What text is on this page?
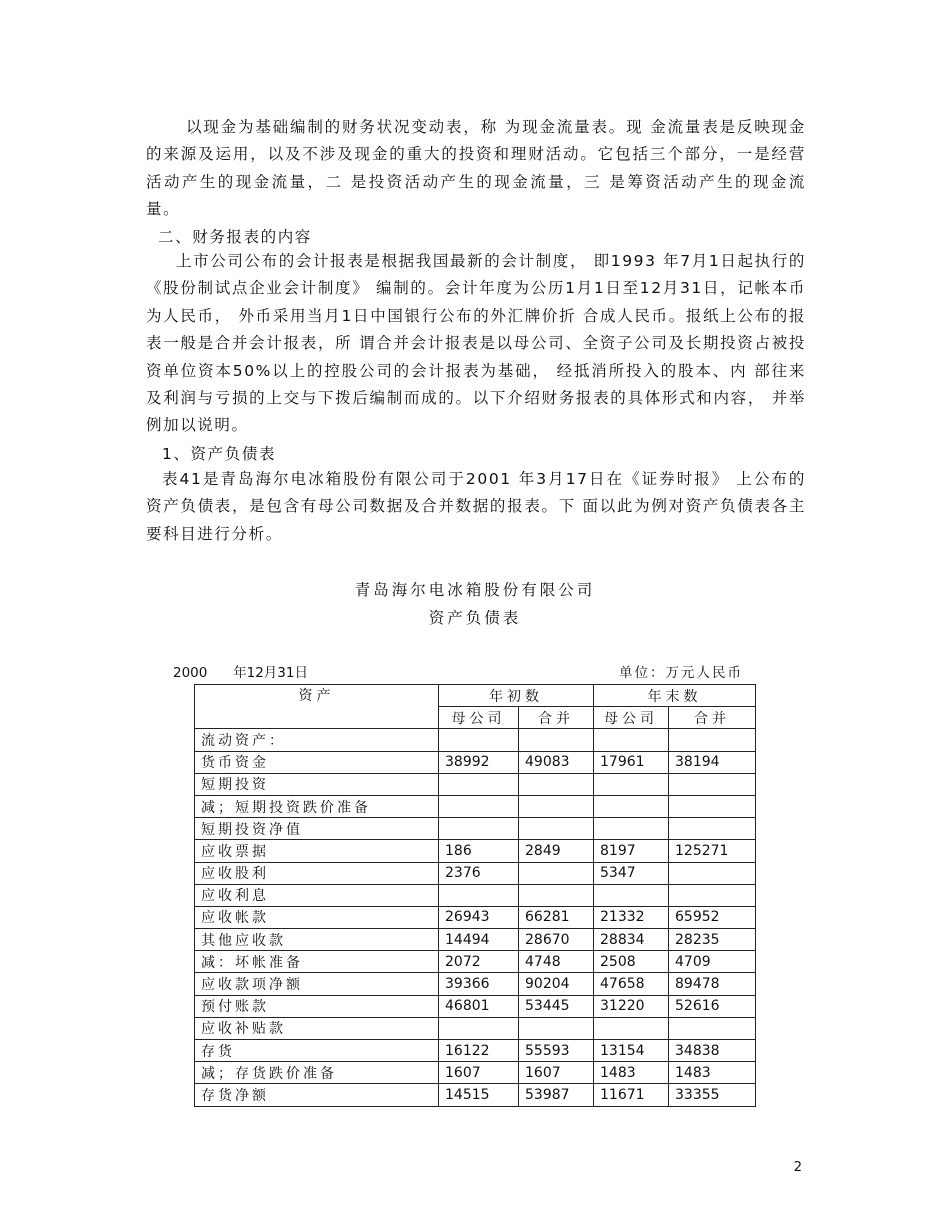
以现金为基础编制的财务状况变动表，称 为现金流量表。现 金流量表是反映现金的来源及运用，以及不涉及现金的重大的投资和理财活动。它包括三个部分，一是经营活动产生的现金流量，二 是投资活动产生的现金流量，三 是筹资活动产生的现金流量。

二、财务报表的内容

上市公司公布的会计报表是根据我国最新的会计制度， 即1993 年7月1日起执行的《股份制试点企业会计制度》 编制的。会计年度为公历1月1日至12月31日，记帐本币为人民币， 外币采用当月1日中国银行公布的外汇牌价折 合成人民币。报纸上公布的报表一般是合并会计报表，所 谓合并会计报表是以母公司、全资子公司及长期投资占被投资单位资本50%以上的控股公司的会计报表为基础， 经抵消所投入的股本、内 部往来及利润与亏损的上交与下拨后编制而成的。以下介绍财务报表的具体形式和内容， 并举例加以说明。

1、资产负债表

表41是青岛海尔电冰箱股份有限公司于2001 年3月17日在《证券时报》 上公布的资产负债表，是包含有母公司数据及合并数据的报表。下 面以此为例对资产负债表各主要科目进行分析。

青岛海尔电冰箱股份有限公司

资产负债表

2000      年12月31日	单位：万元人民币
资产	年初数		年末数	
	母公司	合并	母公司	合并
流动资产：				
货币资金	38992	49083	17961	38194
短期投资				
减；短期投资跌价准备				
短期投资净值				
应收票据	186	2849	8197	125271
应收股利	2376		5347	
应收利息				
应收帐款	26943	66281	21332	65952
其他应收款	14494	28670	28834	28235
减：坏帐准备	2072	4748	2508	4709
应收款项净额	39366	90204	47658	89478
预付账款	46801	53445	31220	52616
应收补贴款				
存货	16122	55593	13154	34838
减；存货跌价准备	1607	1607	1483	1483
存货净额	14515	53987	11671	33355
2
